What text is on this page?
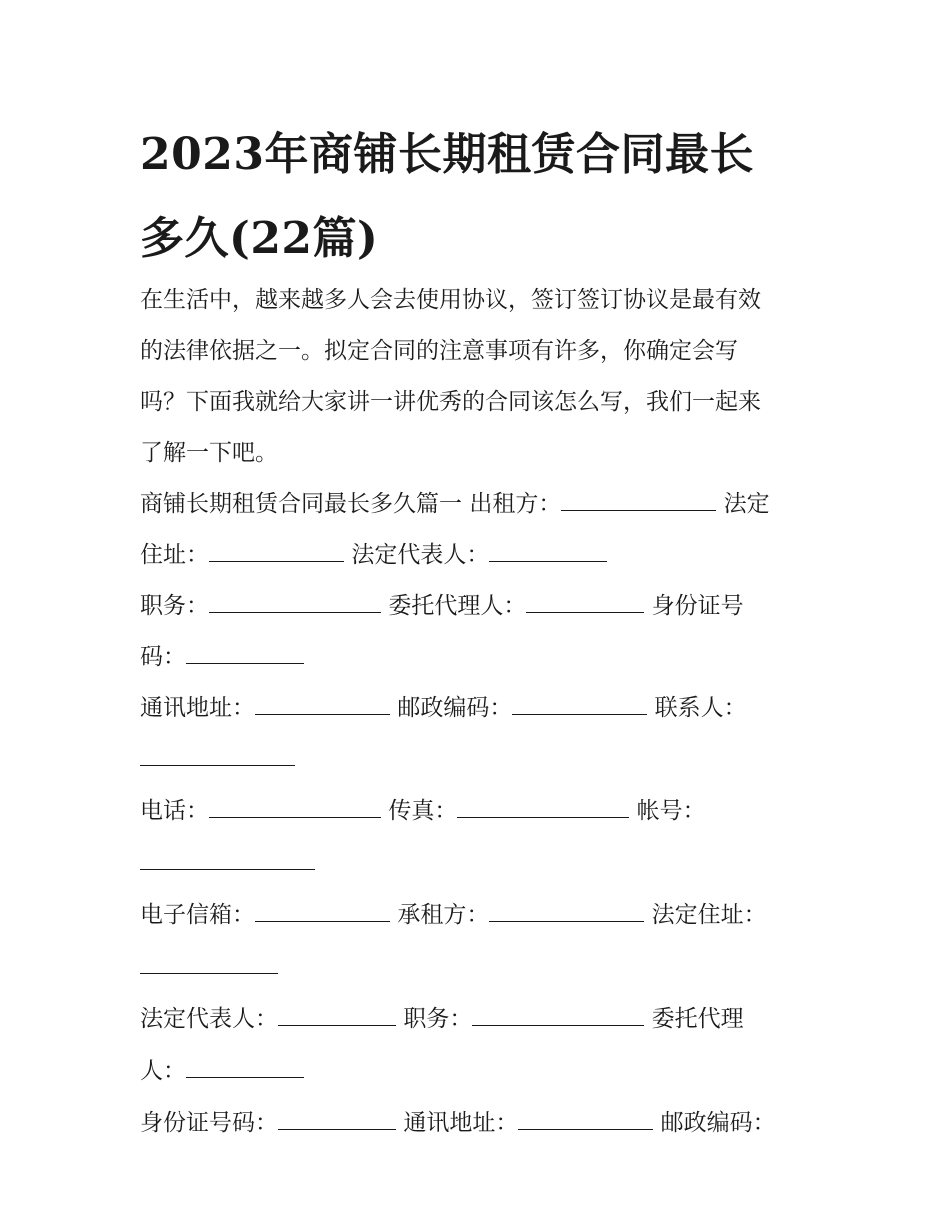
2023年商铺长期租赁合同最长
多久(22篇)

在生活中，越来越多人会去使用协议，签订签订协议是最有效
的法律依据之一。拟定合同的注意事项有许多，你确定会写
吗？下面我就给大家讲一讲优秀的合同该怎么写，我们一起来
了解一下吧。

商铺长期租赁合同最长多久篇一 出租方：	法定
住址：	法定代表人：
职务：	委托代理人：	身份证号
码：
通讯地址：	邮政编码：	联系人：

电话：	传真：	帐号：
电子信箱：	承租方：	法定住址：
法定代表人：	职务：	委托代理
人：
身份证号码：	通讯地址：	邮政编码：
